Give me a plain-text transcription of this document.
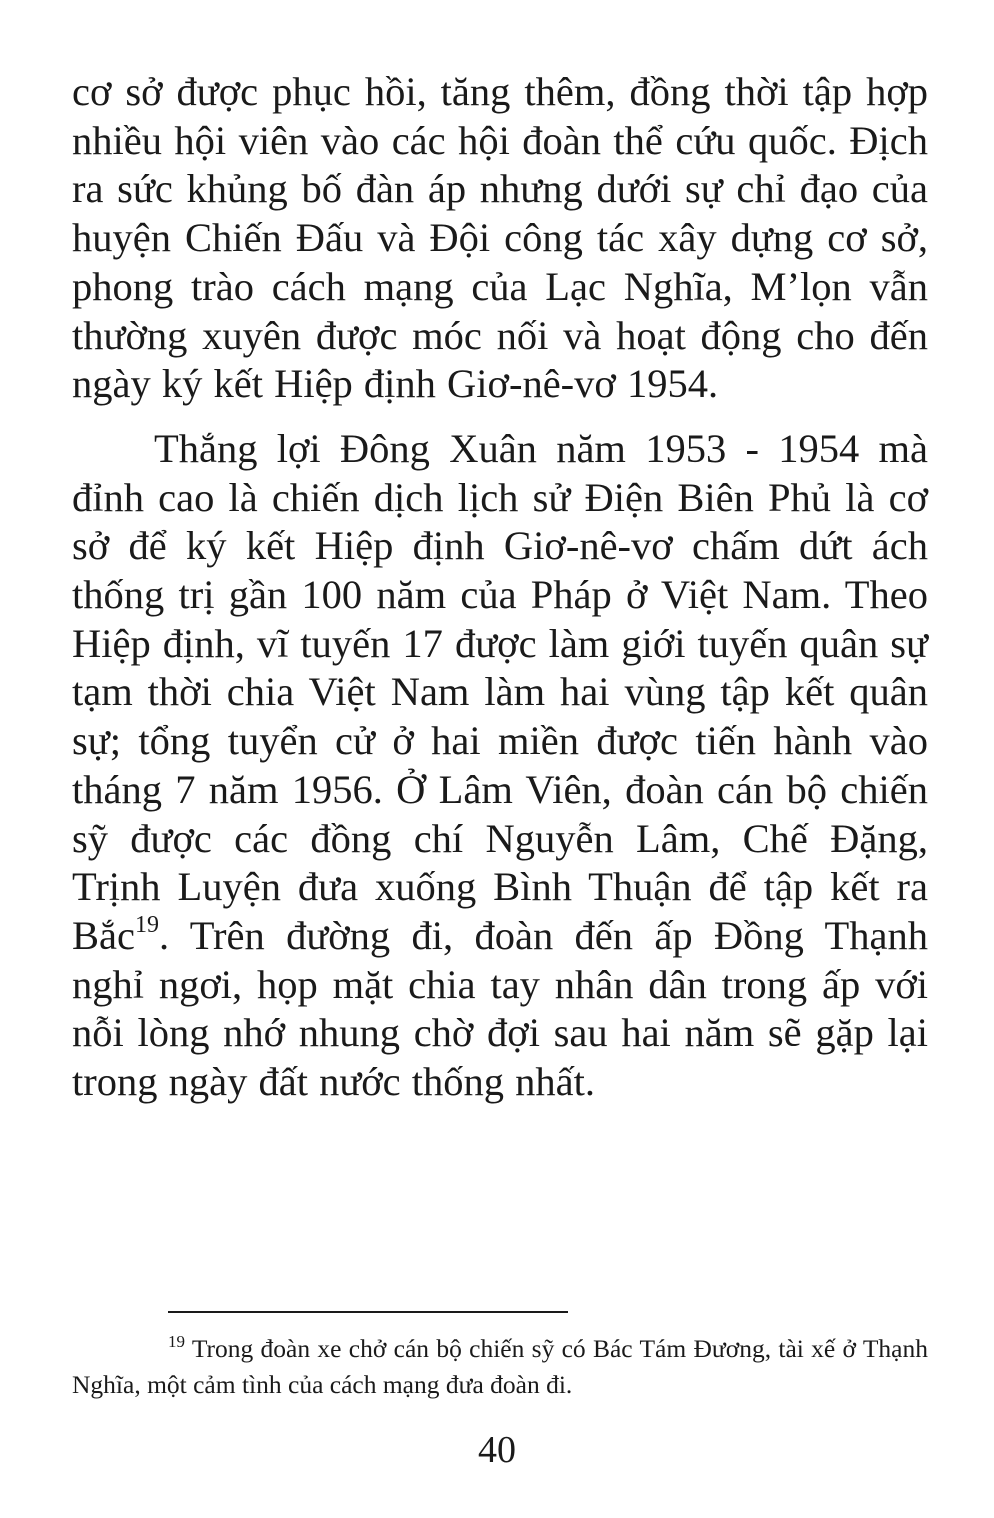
cơ sở được phục hồi, tăng thêm, đồng thời tập hợp nhiều hội viên vào các hội đoàn thể cứu quốc. Địch ra sức khủng bố đàn áp nhưng dưới sự chỉ đạo của huyện Chiến Đấu và Đội công tác xây dựng cơ sở, phong trào cách mạng của Lạc Nghĩa, M’lọn vẫn thường xuyên được móc nối và hoạt động cho đến ngày ký kết Hiệp định Giơ-nê-vơ 1954.

Thắng lợi Đông Xuân năm 1953 - 1954 mà đỉnh cao là chiến dịch lịch sử Điện Biên Phủ là cơ sở để ký kết Hiệp định Giơ-nê-vơ chấm dứt ách thống trị gần 100 năm của Pháp ở Việt Nam. Theo Hiệp định, vĩ tuyến 17 được làm giới tuyến quân sự tạm thời chia Việt Nam làm hai vùng tập kết quân sự; tổng tuyển cử ở hai miền được tiến hành vào tháng 7 năm 1956. Ở Lâm Viên, đoàn cán bộ chiến sỹ được các đồng chí Nguyễn Lâm, Chế Đặng, Trịnh Luyện đưa xuống Bình Thuận để tập kết ra Bắc$^{19}$. Trên đường đi, đoàn đến ấp Đồng Thạnh nghỉ ngơi, họp mặt chia tay nhân dân trong ấp với nỗi lòng nhớ nhung chờ đợi sau hai năm sẽ gặp lại trong ngày đất nước thống nhất.

$^{19}$ Trong đoàn xe chở cán bộ chiến sỹ có Bác Tám Đương, tài xế ở Thạnh Nghĩa, một cảm tình của cách mạng đưa đoàn đi.

40
